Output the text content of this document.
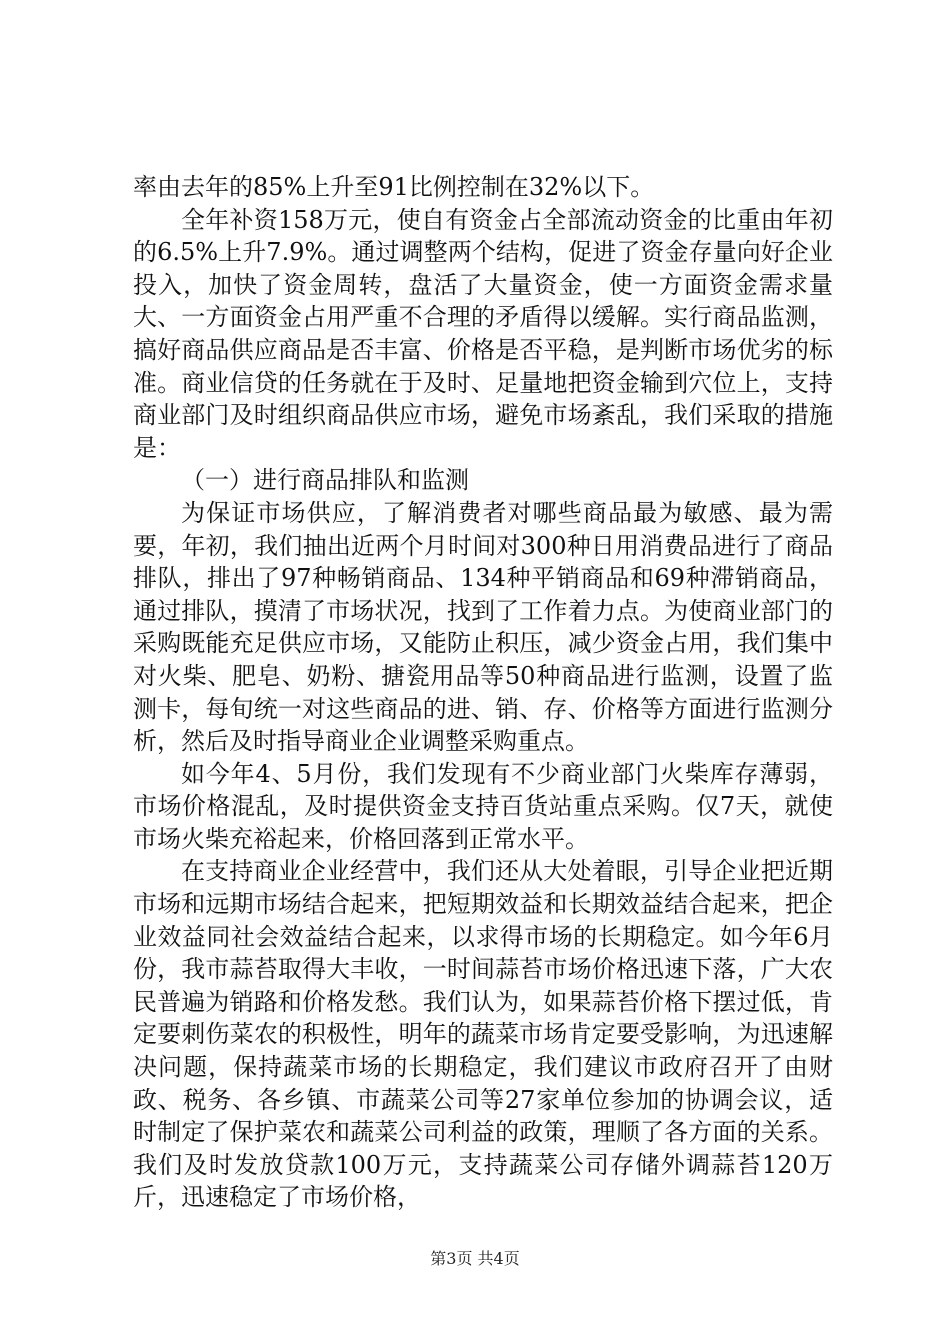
率由去年的85%上升至91比例控制在32%以下。

全年补资158万元，使自有资金占全部流动资金的比重由年初的6.5%上升7.9%。通过调整两个结构，促进了资金存量向好企业投入，加快了资金周转，盘活了大量资金，使一方面资金需求量大、一方面资金占用严重不合理的矛盾得以缓解。实行商品监测，搞好商品供应商品是否丰富、价格是否平稳，是判断市场优劣的标准。商业信贷的任务就在于及时、足量地把资金输到穴位上，支持商业部门及时组织商品供应市场，避免市场紊乱，我们采取的措施是：

（一）进行商品排队和监测

为保证市场供应，了解消费者对哪些商品最为敏感、最为需要，年初，我们抽出近两个月时间对300种日用消费品进行了商品排队，排出了97种畅销商品、134种平销商品和69种滞销商品，通过排队，摸清了市场状况，找到了工作着力点。为使商业部门的采购既能充足供应市场，又能防止积压，减少资金占用，我们集中对火柴、肥皂、奶粉、搪瓷用品等50种商品进行监测，设置了监测卡，每旬统一对这些商品的进、销、存、价格等方面进行监测分析，然后及时指导商业企业调整采购重点。

如今年4、5月份，我们发现有不少商业部门火柴库存薄弱，市场价格混乱，及时提供资金支持百货站重点采购。仅7天，就使市场火柴充裕起来，价格回落到正常水平。

在支持商业企业经营中，我们还从大处着眼，引导企业把近期市场和远期市场结合起来，把短期效益和长期效益结合起来，把企业效益同社会效益结合起来，以求得市场的长期稳定。如今年6月份，我市蒜苔取得大丰收，一时间蒜苔市场价格迅速下落，广大农民普遍为销路和价格发愁。我们认为，如果蒜苔价格下摆过低，肯定要刺伤菜农的积极性，明年的蔬菜市场肯定要受影响，为迅速解决问题，保持蔬菜市场的长期稳定，我们建议市政府召开了由财政、税务、各乡镇、市蔬菜公司等27家单位参加的协调会议，适时制定了保护菜农和蔬菜公司利益的政策，理顺了各方面的关系。我们及时发放贷款100万元，支持蔬菜公司存储外调蒜苔120万斤，迅速稳定了市场价格，

第3页 共4页
